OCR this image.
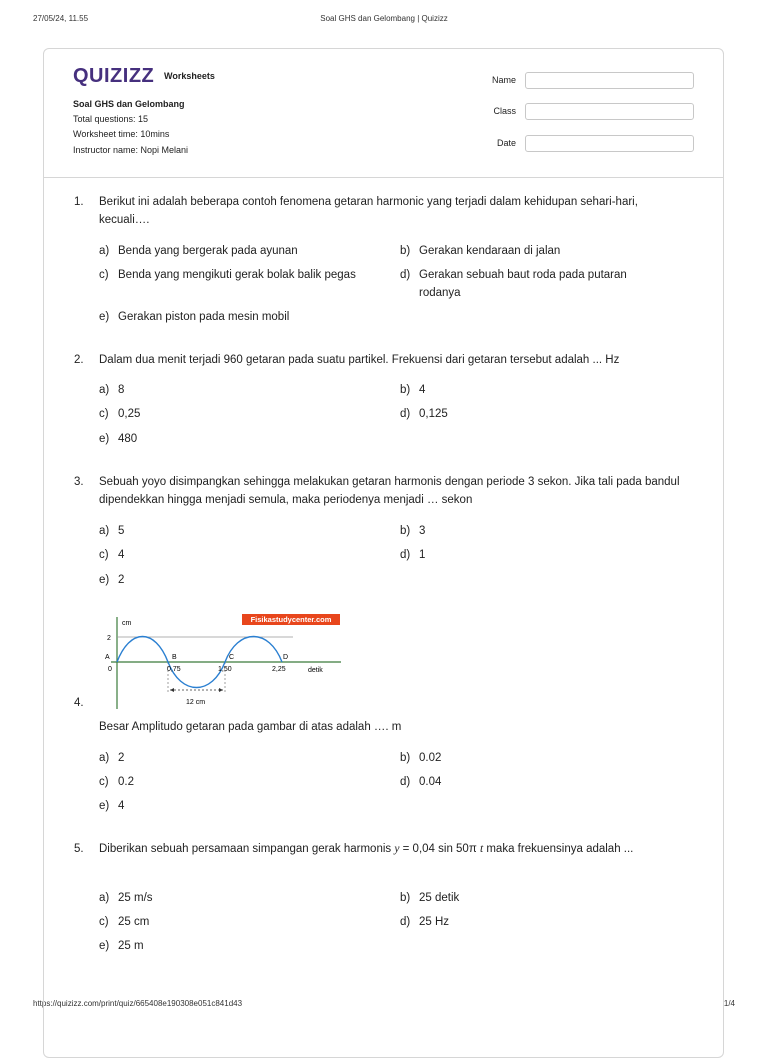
27/05/24, 11.55	Soal GHS dan Gelombang | Quizizz
https://quizizz.com/print/quiz/665408e190308e051c841d43	1/4
QUIZIZZ Worksheets
Soal GHS dan Gelombang
Total questions: 15
Worksheet time: 10mins
Instructor name: Nopi Melani
Name
Class
Date
1.	Berikut ini adalah beberapa contoh fenomena getaran harmonic yang terjadi dalam kehidupan sehari-hari, kecuali….
a) Benda yang bergerak pada ayunan	b) Gerakan kendaraan di jalan
c) Benda yang mengikuti gerak bolak balik pegas	d) Gerakan sebuah baut roda pada putaran rodanya
e) Gerakan piston pada mesin mobil
2.	Dalam dua menit terjadi 960 getaran pada suatu partikel. Frekuensi dari getaran tersebut adalah ... Hz
a) 8	b) 4
c) 0,25	d) 0,125
e) 480
3.	Sebuah yoyo disimpangkan sehingga melakukan getaran harmonis dengan periode 3 sekon. Jika tali pada bandul dipendekkan hingga menjadi semula, maka periodenya menjadi … sekon
a) 5	b) 3
c) 4	d) 1
e) 2
Fisikastudycenter.com
cm
2
A
0
B	C	D
0,75	1,50	2,25	detik
12 cm
4.
Besar Amplitudo getaran pada gambar di atas adalah …. m
a) 2	b) 0.02
c) 0.2	d) 0.04
e) 4
5.	Diberikan sebuah persamaan simpangan gerak harmonis y = 0,04 sin 50π t maka frekuensinya adalah ...
a) 25 m/s	b) 25 detik
c) 25 cm	d) 25 Hz
e) 25 m
